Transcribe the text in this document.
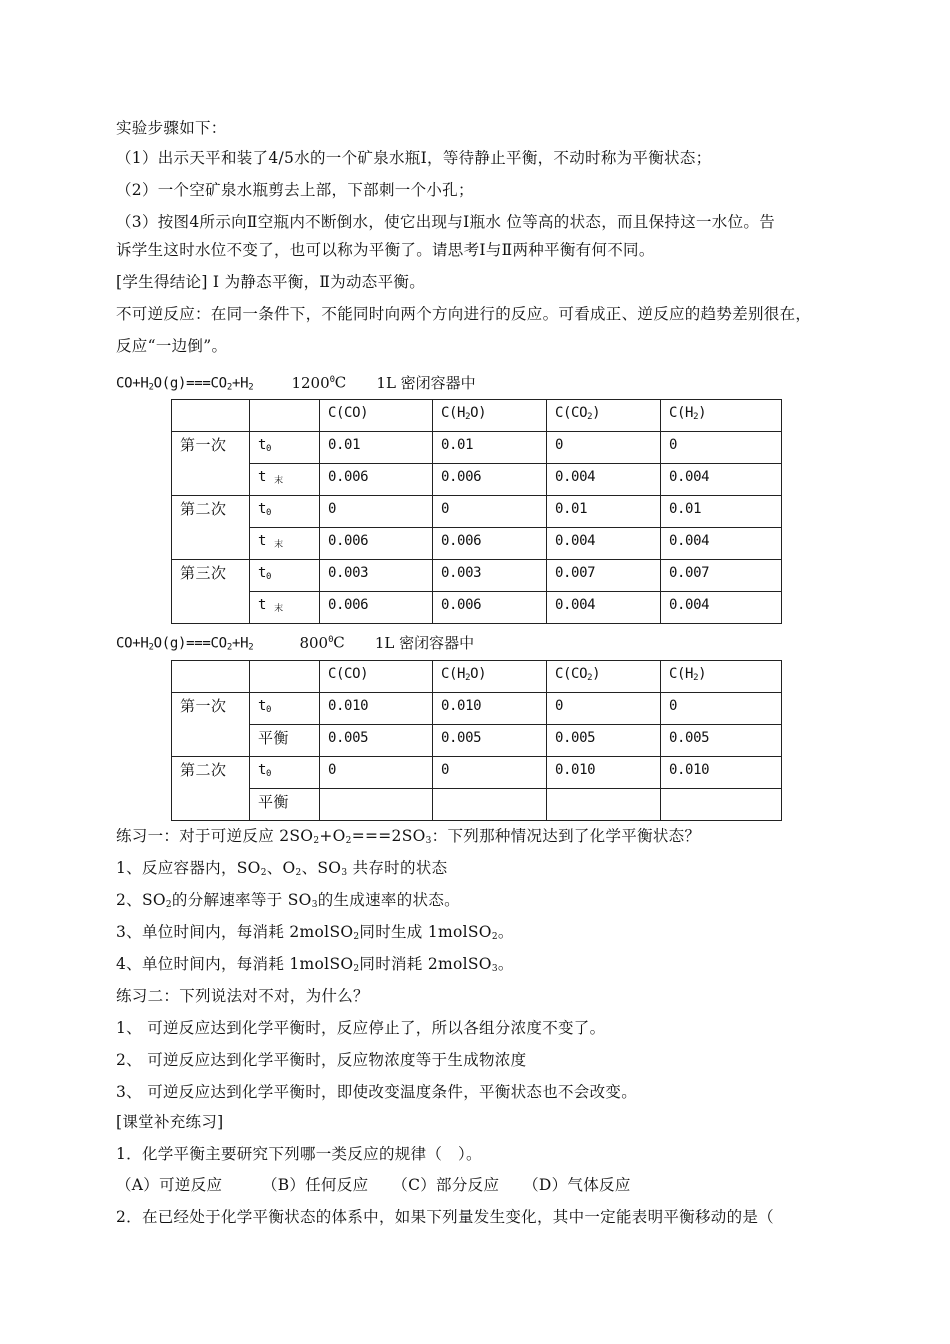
实验步骤如下：
（1）出示天平和装了4/5水的一个矿泉水瓶Ⅰ，等待静止平衡，不动时称为平衡状态；
（2）一个空矿泉水瓶剪去上部，下部刺一个小孔；
（3）按图4所示向Ⅱ空瓶内不断倒水，使它出现与Ⅰ瓶水 位等高的状态，而且保持这一水位。告
诉学生这时水位不变了，也可以称为平衡了。请思考Ⅰ与Ⅱ两种平衡有何不同。
[学生得结论] Ⅰ 为静态平衡，Ⅱ为动态平衡。
不可逆反应：在同一条件下，不能同时向两个方向进行的反应。可看成正、逆反应的趋势差别很在，
反应“一边倒”。
$CO+H_2O(g)===CO_2+H_2$	1200$^0$C 1L 密闭容器中
		C(CO)	$C(H_2O)$	$C(CO_2)$	$C(H_2)$
第一次	$t_0$	0.01	0.01	0	0
	t $_末$	0.006	0.006	0.004	0.004
第二次	$t_0$	0	0	0.01	0.01
	t $_末$	0.006	0.006	0.004	0.004
第三次	$t_0$	0.003	0.003	0.007	0.007
	t $_末$	0.006	0.006	0.004	0.004
$CO+H_2O(g)===CO_2+H_2$	$800^0C$ 1L 密闭容器中
		C(CO)	$C(H_2O)$	$C(CO_2)$	$C(H_2)$
第一次	$t_0$	0.010	0.010	0	0
	平衡	0.005	0.005	0.005	0.005
第二次	$t_0$	0	0	0.010	0.010
	平衡				
练习一：对于可逆反应 $2SO_2+O_2===2SO_3$：下列那种情况达到了化学平衡状态？
1、反应容器内，$SO_2$、$O_2$、$SO_3$ 共存时的状态
2、$SO_2$的分解速率等于 $SO_3$的生成速率的状态。
3、单位时间内，每消耗 2molSO$_2$同时生成 1molSO$_2$。
4、单位时间内，每消耗 1molSO$_2$同时消耗 2molSO$_3$。
练习二：下列说法对不对，为什么？
1、 可逆反应达到化学平衡时，反应停止了，所以各组分浓度不变了。
2、 可逆反应达到化学平衡时，反应物浓度等于生成物浓度
3、 可逆反应达到化学平衡时，即使改变温度条件，平衡状态也不会改变。
[课堂补充练习]
1．化学平衡主要研究下列哪一类反应的规律（　）。
（A）可逆反应　　　（B）任何反应　　（C）部分反应　　（D）气体反应
2．在已经处于化学平衡状态的体系中，如果下列量发生变化，其中一定能表明平衡移动的是（
